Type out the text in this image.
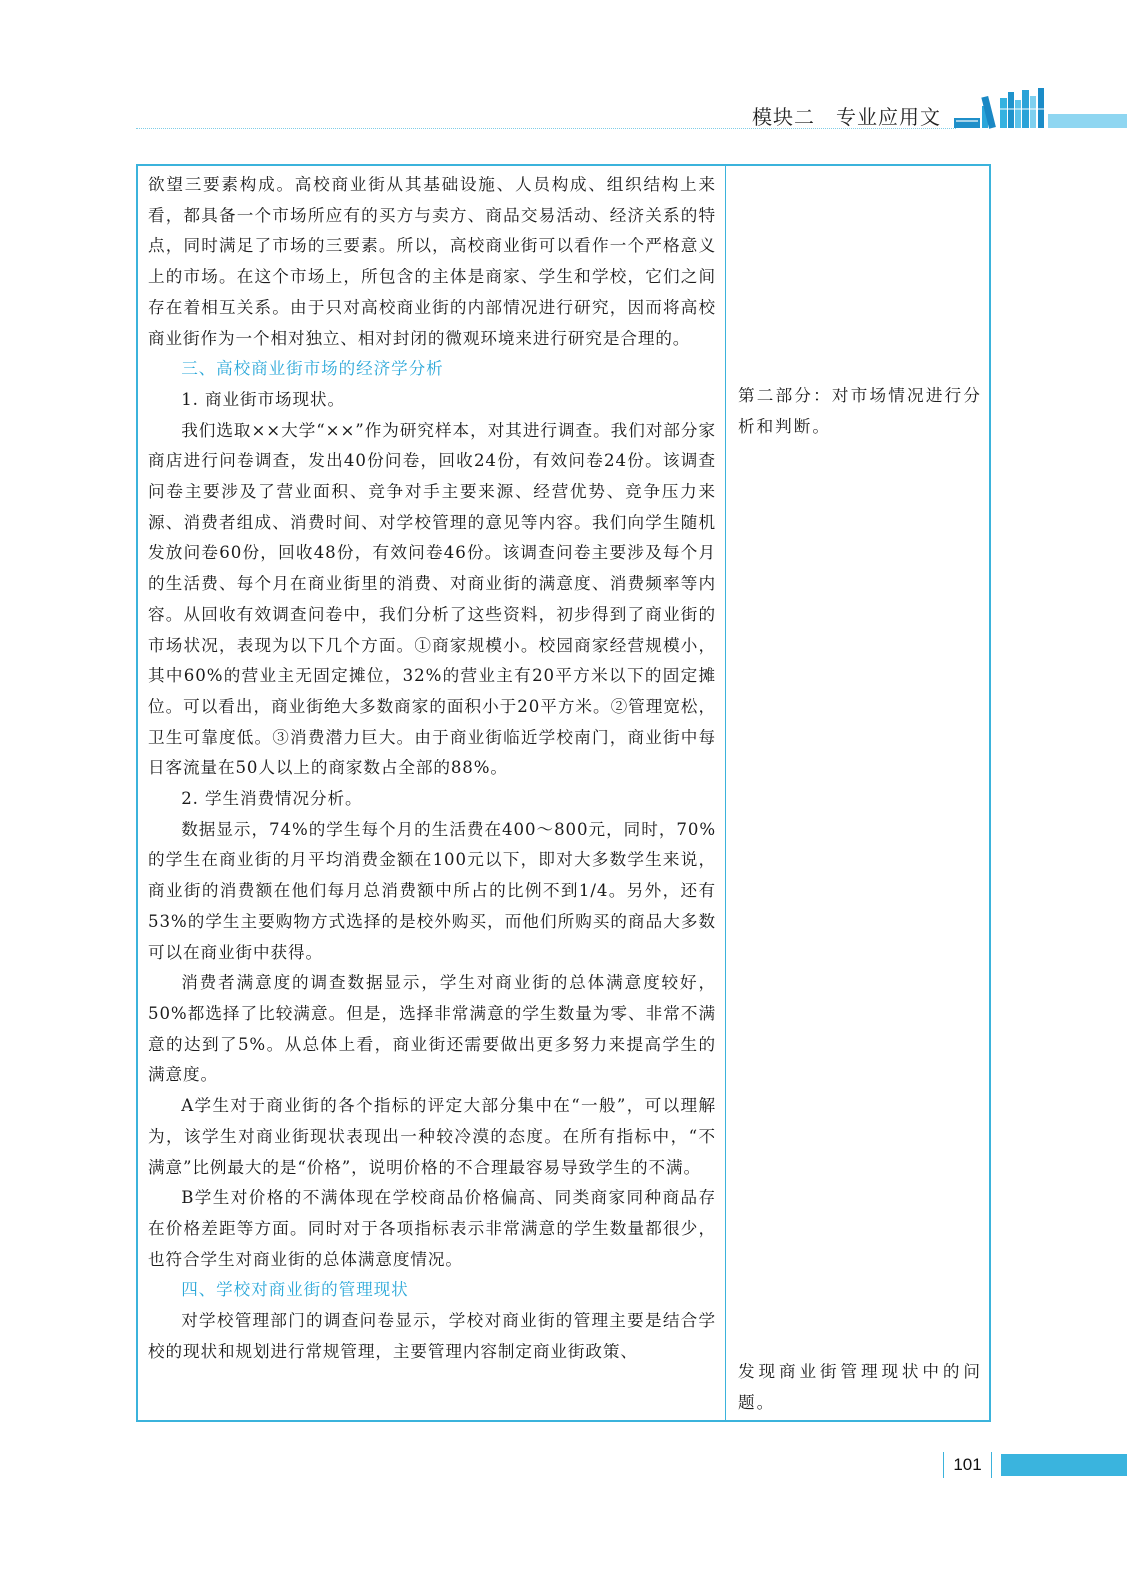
模块二　专业应用文

欲望三要素构成。高校商业街从其基础设施、人员构成、组织结构上来看，都具备一个市场所应有的买方与卖方、商品交易活动、经济关系的特点，同时满足了市场的三要素。所以，高校商业街可以看作一个严格意义上的市场。在这个市场上，所包含的主体是商家、学生和学校，它们之间存在着相互关系。由于只对高校商业街的内部情况进行研究，因而将高校商业街作为一个相对独立、相对封闭的微观环境来进行研究是合理的。

三、高校商业街市场的经济学分析

1. 商业街市场现状。

我们选取××大学“××”作为研究样本，对其进行调查。我们对部分家商店进行问卷调查，发出40份问卷，回收24份，有效问卷24份。该调查问卷主要涉及了营业面积、竞争对手主要来源、经营优势、竞争压力来源、消费者组成、消费时间、对学校管理的意见等内容。我们向学生随机发放问卷60份，回收48份，有效问卷46份。该调查问卷主要涉及每个月的生活费、每个月在商业街里的消费、对商业街的满意度、消费频率等内容。从回收有效调查问卷中，我们分析了这些资料，初步得到了商业街的市场状况，表现为以下几个方面。①商家规模小。校园商家经营规模小，其中60%的营业主无固定摊位，32%的营业主有20平方米以下的固定摊位。可以看出，商业街绝大多数商家的面积小于20平方米。②管理宽松，卫生可靠度低。③消费潜力巨大。由于商业街临近学校南门，商业街中每日客流量在50人以上的商家数占全部的88%。

2. 学生消费情况分析。

数据显示，74%的学生每个月的生活费在400～800元，同时，70%的学生在商业街的月平均消费金额在100元以下，即对大多数学生来说，商业街的消费额在他们每月总消费额中所占的比例不到1/4。另外，还有53%的学生主要购物方式选择的是校外购买，而他们所购买的商品大多数可以在商业街中获得。

消费者满意度的调查数据显示，学生对商业街的总体满意度较好，50%都选择了比较满意。但是，选择非常满意的学生数量为零、非常不满意的达到了5%。从总体上看，商业街还需要做出更多努力来提高学生的满意度。

A学生对于商业街的各个指标的评定大部分集中在“一般”，可以理解为，该学生对商业街现状表现出一种较冷漠的态度。在所有指标中，“不满意”比例最大的是“价格”，说明价格的不合理最容易导致学生的不满。

B学生对价格的不满体现在学校商品价格偏高、同类商家同种商品存在价格差距等方面。同时对于各项指标表示非常满意的学生数量都很少，也符合学生对商业街的总体满意度情况。

四、学校对商业街的管理现状

对学校管理部门的调查问卷显示，学校对商业街的管理主要是结合学校的现状和规划进行常规管理，主要管理内容制定商业街政策、

第二部分：对市场情况进行分析和判断。
发现商业街管理现状中的问题。
101
